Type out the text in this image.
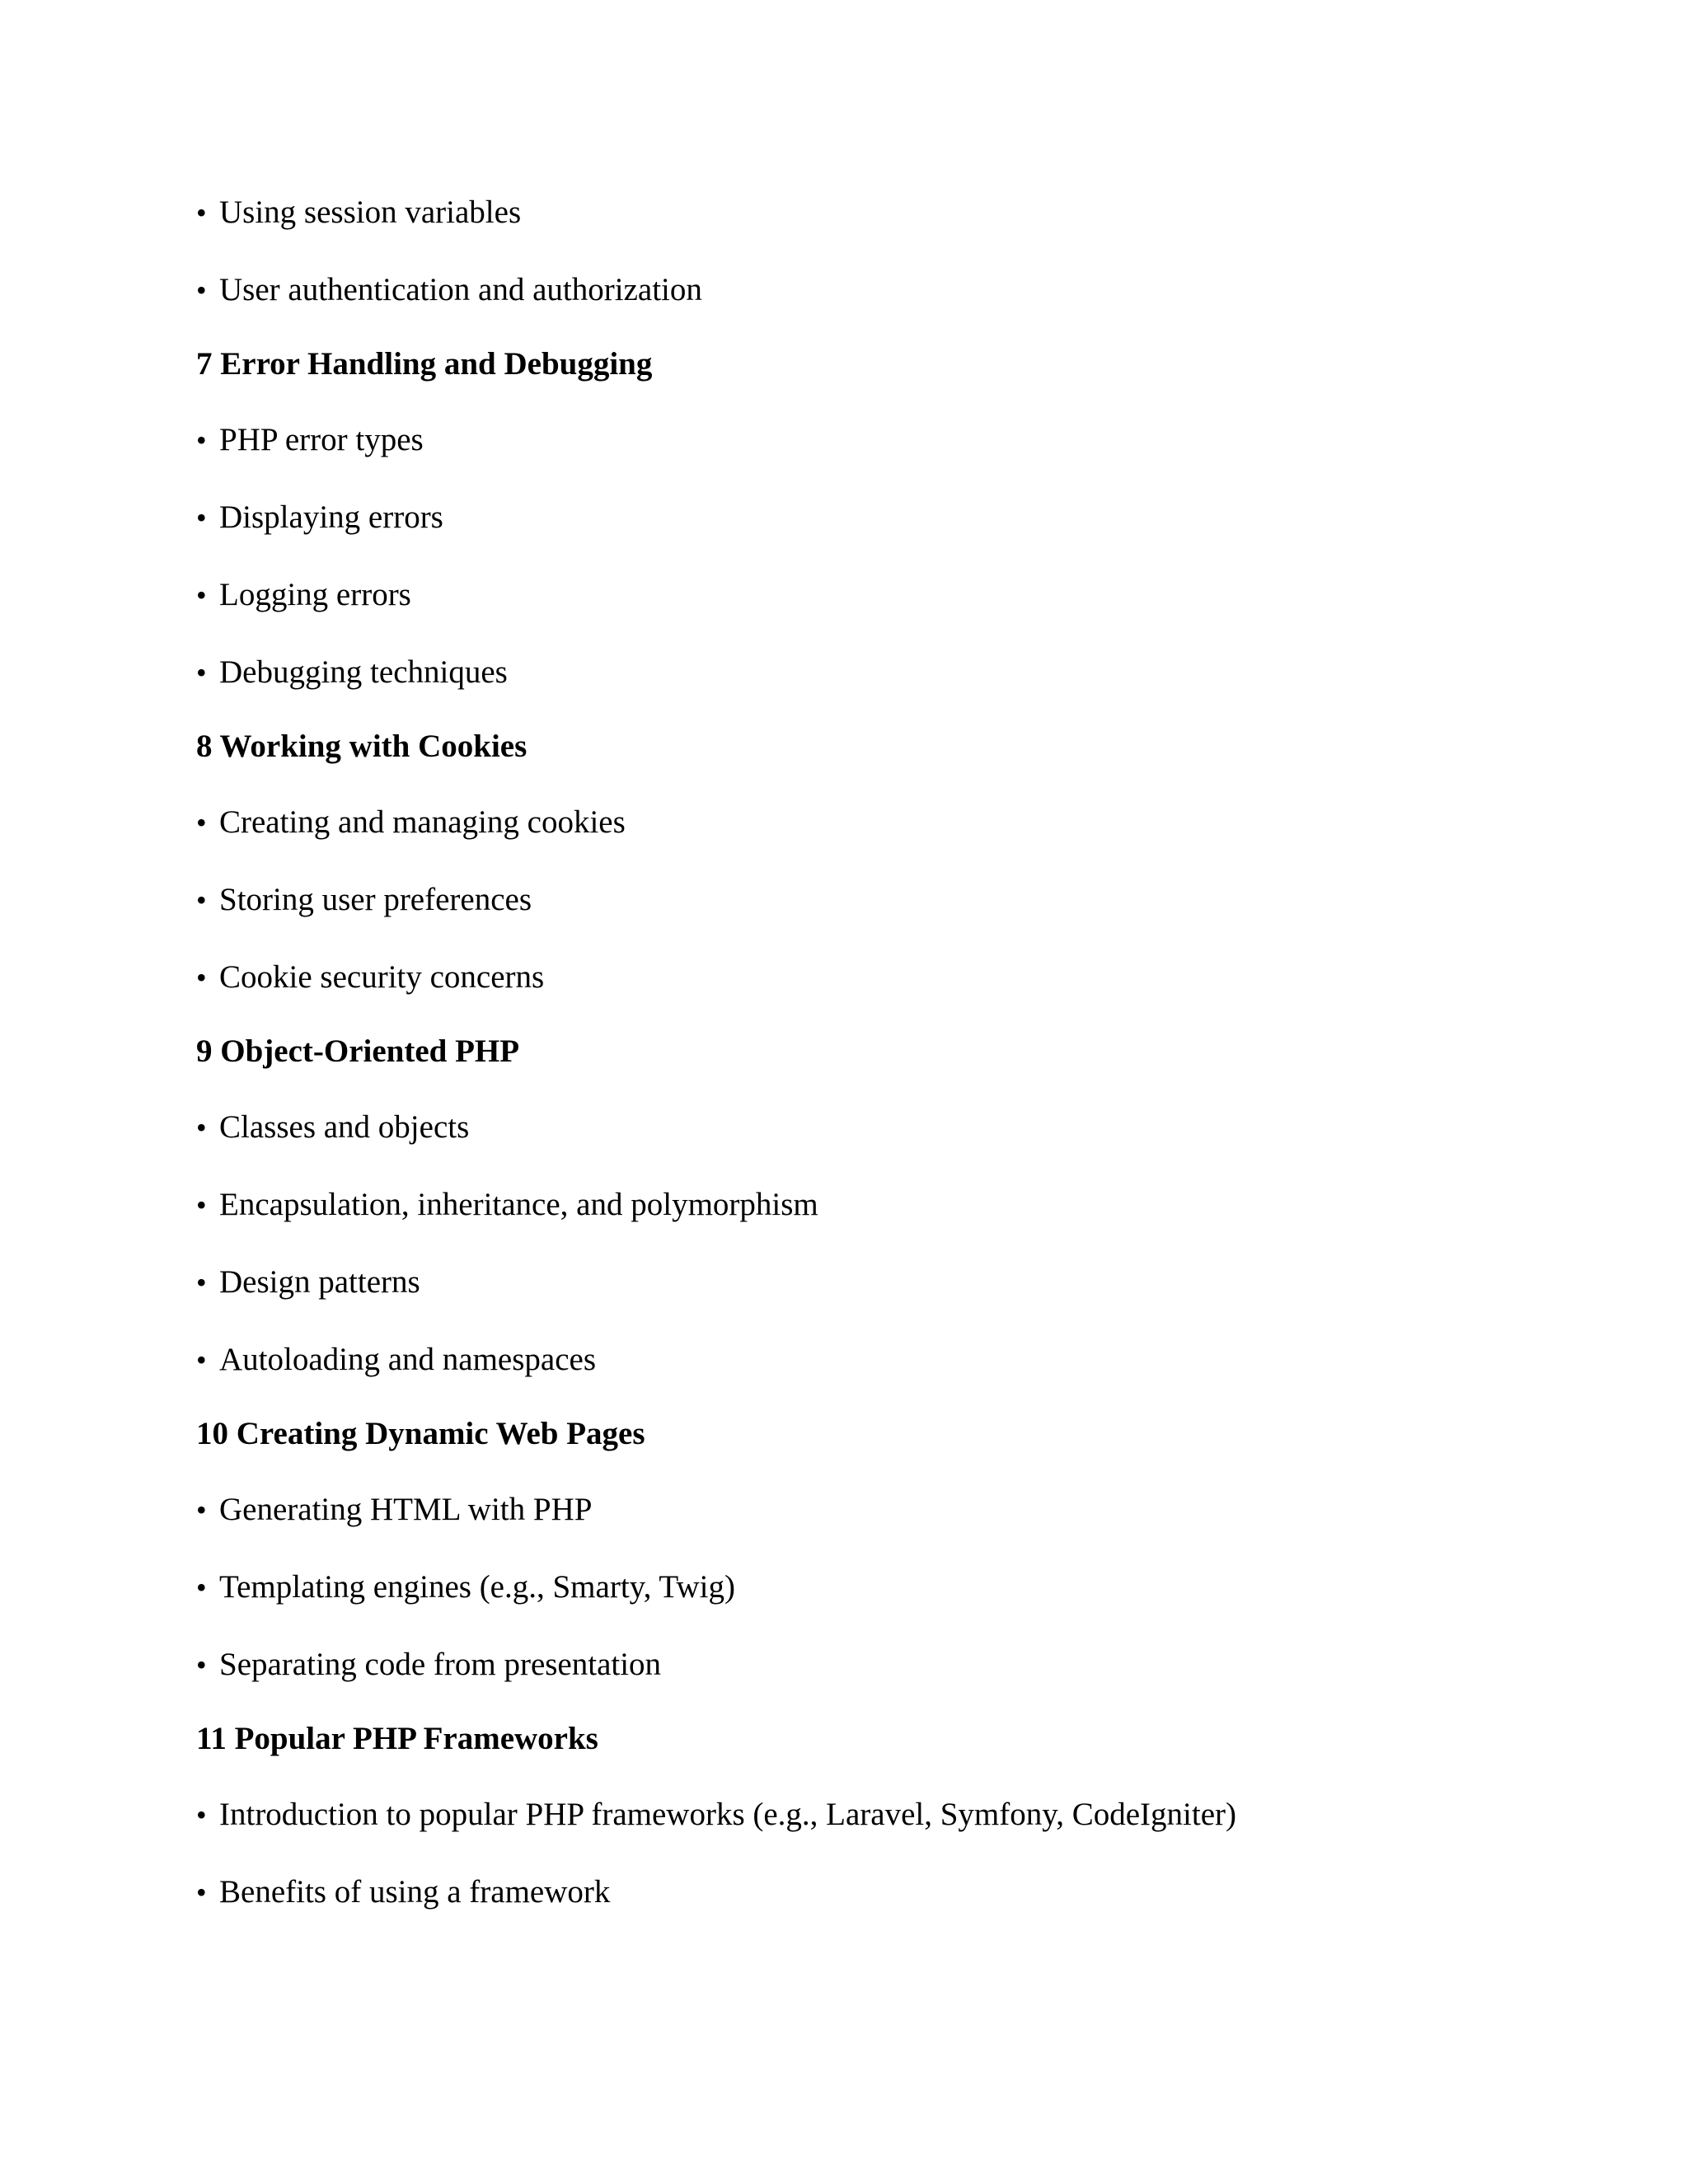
• Using session variables
• User authentication and authorization
7 Error Handling and Debugging
• PHP error types
• Displaying errors
• Logging errors
• Debugging techniques
8 Working with Cookies
• Creating and managing cookies
• Storing user preferences
• Cookie security concerns
9 Object-Oriented PHP
• Classes and objects
• Encapsulation, inheritance, and polymorphism
• Design patterns
• Autoloading and namespaces
10 Creating Dynamic Web Pages
• Generating HTML with PHP
• Templating engines (e.g., Smarty, Twig)
• Separating code from presentation
11 Popular PHP Frameworks
• Introduction to popular PHP frameworks (e.g., Laravel, Symfony, CodeIgniter)
• Benefits of using a framework
